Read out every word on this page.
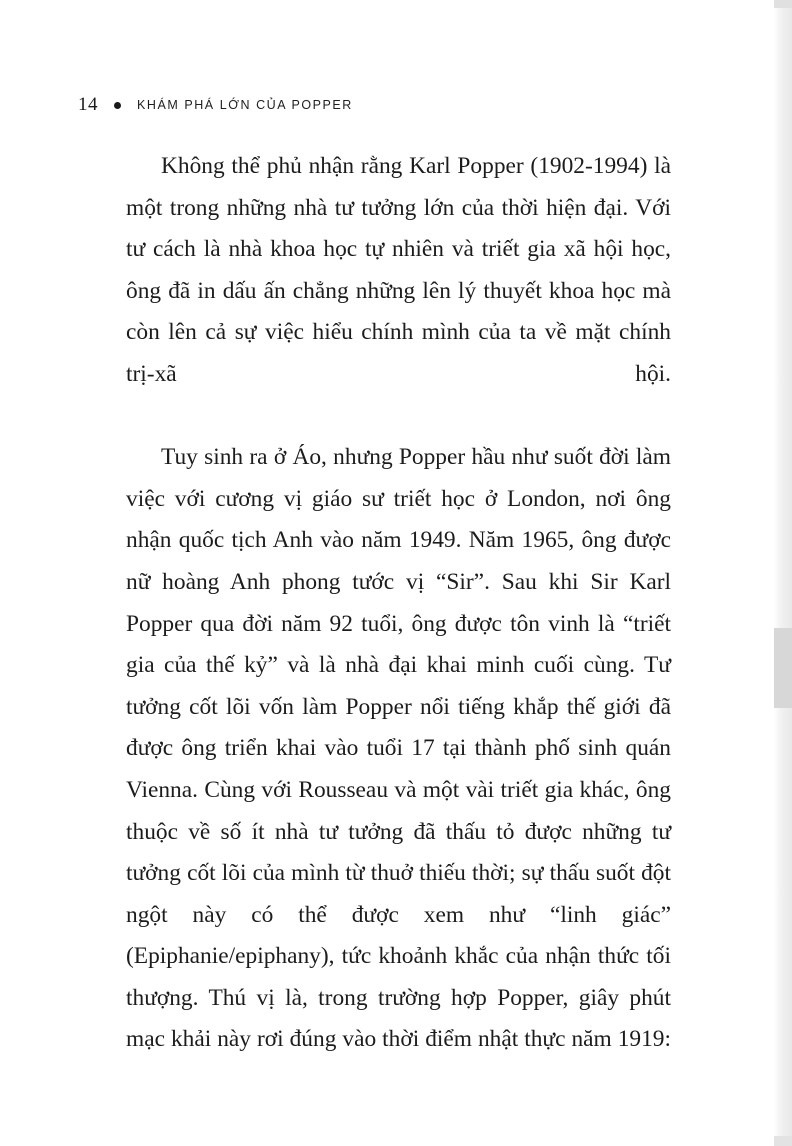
14	KHÁM PHÁ LỚN CỦA POPPER

Không thể phủ nhận rằng Karl Popper (1902-1994) là một trong những nhà tư tưởng lớn của thời hiện đại. Với tư cách là nhà khoa học tự nhiên và triết gia xã hội học, ông đã in dấu ấn chẳng những lên lý thuyết khoa học mà còn lên cả sự việc hiểu chính mình của ta về mặt chính trị-xã hội.

Tuy sinh ra ở Áo, nhưng Popper hầu như suốt đời làm việc với cương vị giáo sư triết học ở London, nơi ông nhận quốc tịch Anh vào năm 1949. Năm 1965, ông được nữ hoàng Anh phong tước vị “Sir”. Sau khi Sir Karl Popper qua đời năm 92 tuổi, ông được tôn vinh là “triết gia của thế kỷ” và là nhà đại khai minh cuối cùng. Tư tưởng cốt lõi vốn làm Popper nổi tiếng khắp thế giới đã được ông triển khai vào tuổi 17 tại thành phố sinh quán Vienna. Cùng với Rousseau và một vài triết gia khác, ông thuộc về số ít nhà tư tưởng đã thấu tỏ được những tư tưởng cốt lõi của mình từ thuở thiếu thời; sự thấu suốt đột ngột này có thể được xem như “linh giác” (Epiphanie/epiphany), tức khoảnh khắc của nhận thức tối thượng. Thú vị là, trong trường hợp Popper, giây phút mạc khải này rơi đúng vào thời điểm nhật thực năm 1919:
